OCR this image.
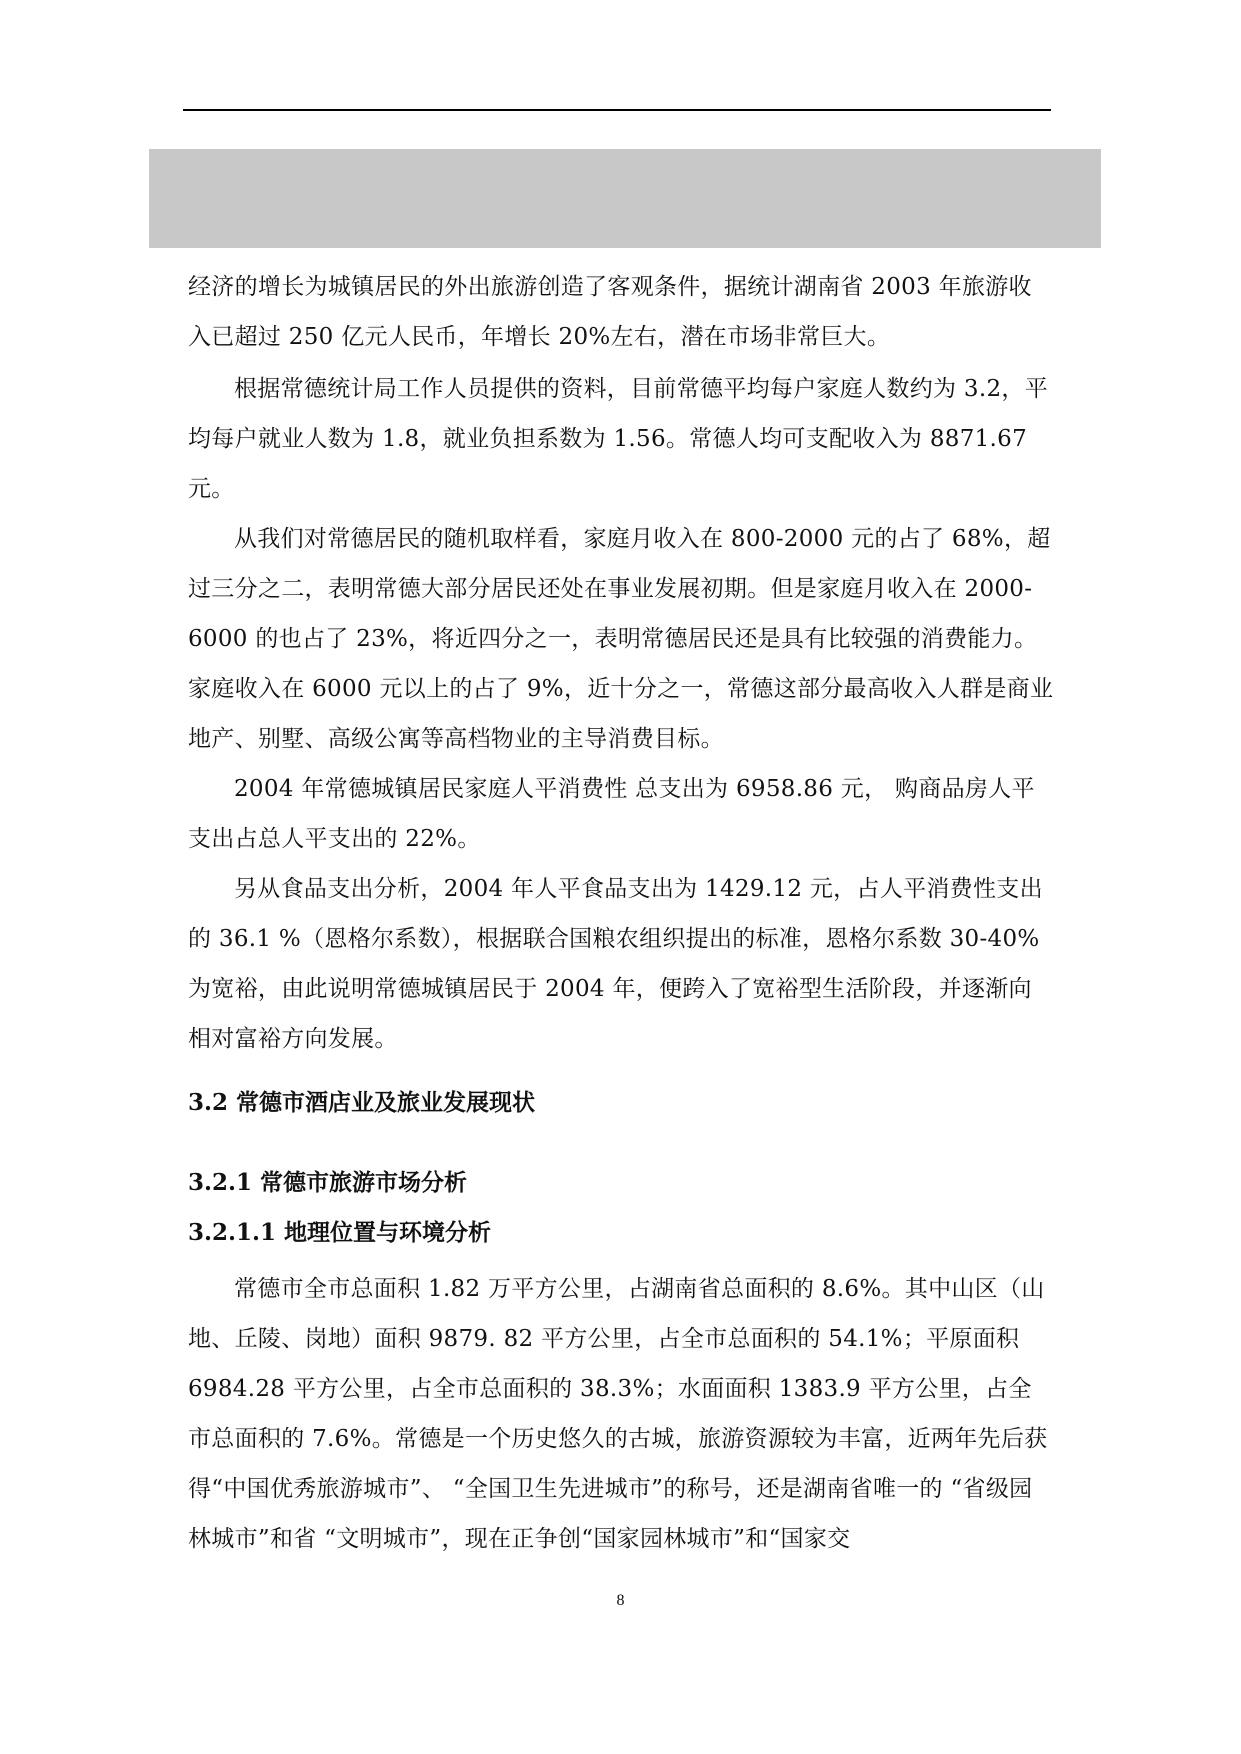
经济的增长为城镇居民的外出旅游创造了客观条件，据统计湖南省 2003 年旅游收入已超过 250 亿元人民币，年增长 20%左右，潜在市场非常巨大。

根据常德统计局工作人员提供的资料，目前常德平均每户家庭人数约为 3.2，平均每户就业人数为 1.8，就业负担系数为 1.56。常德人均可支配收入为 8871.67 元。

从我们对常德居民的随机取样看，家庭月收入在 800-2000 元的占了 68%，超过三分之二，表明常德大部分居民还处在事业发展初期。但是家庭月收入在 2000-6000 的也占了 23%，将近四分之一，表明常德居民还是具有比较强的消费能力。家庭收入在 6000 元以上的占了 9%，近十分之一，常德这部分最高收入人群是商业地产、别墅、高级公寓等高档物业的主导消费目标。

2004 年常德城镇居民家庭人平消费性 总支出为 6958.86 元， 购商品房人平支出占总人平支出的 22%。

另从食品支出分析，2004 年人平食品支出为 1429.12 元，占人平消费性支出的 36.1 %（恩格尔系数），根据联合国粮农组织提出的标准，恩格尔系数 30-40%为宽裕，由此说明常德城镇居民于 2004 年，便跨入了宽裕型生活阶段，并逐渐向相对富裕方向发展。

3.2 常德市酒店业及旅业发展现状
3.2.1 常德市旅游市场分析
3.2.1.1 地理位置与环境分析

常德市全市总面积 1.82 万平方公里，占湖南省总面积的 8.6%。其中山区（山地、丘陵、岗地）面积 9879. 82 平方公里，占全市总面积的 54.1%；平原面积 6984.28 平方公里，占全市总面积的 38.3%；水面面积 1383.9 平方公里，占全市总面积的 7.6%。常德是一个历史悠久的古城，旅游资源较为丰富，近两年先后获得“中国优秀旅游城市”、 “全国卫生先进城市”的称号，还是湖南省唯一的 “省级园林城市”和省 “文明城市”，现在正争创“国家园林城市”和“国家交

8
